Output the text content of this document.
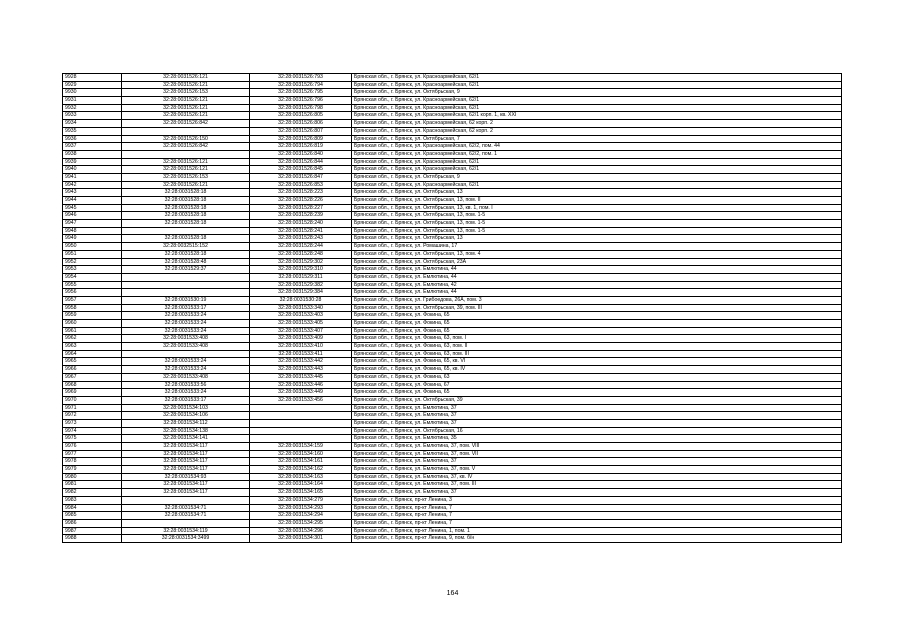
9928	32:28:0031526:121	32:28:0031526:793	Брянская обл., г. Брянск, ул. Красноармейская, 62/1
9929	32:28:0031526:121	32:28:0031526:794	Брянская обл., г. Брянск, ул. Красноармейская, 62/1
9930	32:28:0031526:153	32:28:0031526:795	Брянская обл., г. Брянск, ул. Октябрьская, 9
9931	32:28:0031526:121	32:28:0031526:796	Брянская обл., г. Брянск, ул. Красноармейская, 62/1
9932	32:28:0031526:121	32:28:0031526:798	Брянская обл., г. Брянск, ул. Красноармейская, 62/1
9933	32:28:0031526:121	32:28:0031526:805	Брянская обл., г. Брянск, ул. Красноармейская, 62/1 корп. 1, кв. XXI
9934	32:28:0031526:842	32:28:0031526:806	Брянская обл., г. Брянск, ул. Красноармейская, 62 корп. 2
9935		32:28:0031526:807	Брянская обл., г. Брянск, ул. Красноармейская, 62 корп. 2
9936	32:28:0031526:150	32:28:0031526:809	Брянская обл., г. Брянск, ул. Октябрьская, 7
9937	32:28:0031526:842	32:28:0031526:819	Брянская обл., г. Брянск, ул. Красноармейская, 62/2, пом. 44
9938		32:28:0031526:840	Брянская обл., г. Брянск, ул. Красноармейская, 62/2, пом. 1
9939	32:28:0031526:121	32:28:0031526:844	Брянская обл., г. Брянск, ул. Красноармейская, 62/1
9940	32:28:0031526:121	32:28:0031526:845	Брянская обл., г. Брянск, ул. Красноармейская, 62/1
9941	32:28:0031526:153	32:28:0031526:847	Брянская обл., г. Брянск, ул. Октябрьская, 9
9942	32:28:0031526:121	32:28:0031526:853	Брянская обл., г. Брянск, ул. Красноармейская, 62/1
9943	32:28:0031528:18	32:28:0031528:223	Брянская обл., г. Брянск, ул. Октябрьская, 13
9944	32:28:0031528:18	32:28:0031528:226	Брянская обл., г. Брянск, ул. Октябрьская, 13, пом. II
9945	32:28:0031528:18	32:28:0031528:227	Брянская обл., г. Брянск, ул. Октябрьская, 13, кв. 1, пом. I
9946	32:28:0031528:18	32:28:0031528:239	Брянская обл., г. Брянск, ул. Октябрьская, 13, пом. 1-5
9947	32:28:0031528:18	32:28:0031528:240	Брянская обл., г. Брянск, ул. Октябрьская, 13, пом. 1-5
9948		32:28:0031528:241	Брянская обл., г. Брянск, ул. Октябрьская, 13, пом. 1-5
9949	32:28:0031528:18	32:28:0031528:243	Брянская обл., г. Брянск, ул. Октябрьская, 13
9950	32:28:0032515:152	32:28:0031528:244	Брянская обл., г. Брянск, ул. Ромашина, 17
9951	32:28:0031528:18	32:28:0031528:248	Брянская обл., г. Брянск, ул. Октябрьская, 13, пом. 4
9952	32:28:0031528:48	32:28:0031529:302	Брянская обл., г. Брянск, ул. Октябрьская, 23А
9953	32:28:0031529:37	32:28:0031529:310	Брянская обл., г. Брянск, ул. Емлютина, 44
9954		32:28:0031529:311	Брянская обл., г. Брянск, ул. Емлютина, 44
9955		32:28:0031529:382	Брянская обл., г. Брянск, ул. Емлютина, 42
9956		32:28:0031529:384	Брянская обл., г. Брянск, ул. Емлютина, 44
9957	32:28:0031530:19	32:28:0031530:28	Брянская обл., г. Брянск, ул. Грибоедова, 26А, пом. 3
9958	32:28:0031533:17	32:28:0031533:340	Брянская обл., г. Брянск, ул. Октябрьская, 39, пом. III
9959	32:28:0031533:24	32:28:0031533:403	Брянская обл., г. Брянск, ул. Фокина, 65
9960	32:28:0031533:24	32:28:0031533:405	Брянская обл., г. Брянск, ул. Фокина, 65
9961	32:28:0031533:24	32:28:0031533:407	Брянская обл., г. Брянск, ул. Фокина, 65
9962	32:28:0031533:408	32:28:0031533:409	Брянская обл., г. Брянск, ул. Фокина, 63, пом. I
9963	32:28:0031533:408	32:28:0031533:410	Брянская обл., г. Брянск, ул. Фокина, 63, пом. II
9964		32:28:0031533:411	Брянская обл., г. Брянск, ул. Фокина, 63, пом. III
9965	32:28:0031533:24	32:28:0031533:442	Брянская обл., г. Брянск, ул. Фокина, 65, кв. VI
9966	32:28:0031533:24	32:28:0031533:443	Брянская обл., г. Брянск, ул. Фокина, 65, кв. IV
9967	32:28:0031533:408	32:28:0031533:445	Брянская обл., г. Брянск, ул. Фокина, 63
9968	32:28:0031533:56	32:28:0031533:446	Брянская обл., г. Брянск, ул. Фокина, 67
9969	32:28:0031533:24	32:28:0031533:449	Брянская обл., г. Брянск, ул. Фокина, 65
9970	32:28:0031533:17	32:28:0031533:456	Брянская обл., г. Брянск, ул. Октябрьская, 39
9971	32:28:0031534:103		Брянская обл., г. Брянск, ул. Емлютина, 37
9972	32:28:0031534:106		Брянская обл., г. Брянск, ул. Емлютина, 37
9973	32:28:0031534:112		Брянская обл., г. Брянск, ул. Емлютина, 37
9974	32:28:0031534:138		Брянская обл., г. Брянск, ул. Октябрьская, 16
9975	32:28:0031534:141		Брянская обл., г. Брянск, ул. Емлютина, 35
9976	32:28:0031534:117	32:28:0031534:159	Брянская обл., г. Брянск, ул. Емлютина, 37, пом. VIII
9977	32:28:0031534:117	32:28:0031534:160	Брянская обл., г. Брянск, ул. Емлютина, 37, пом. VII
9978	32:28:0031534:117	32:28:0031534:161	Брянская обл., г. Брянск, ул. Емлютина, 37
9979	32:28:0031534:117	32:28:0031534:162	Брянская обл., г. Брянск, ул. Емлютина, 37, пом. V
9980	32:28:0031534:93	32:28:0031534:163	Брянская обл., г. Брянск, ул. Емлютина, 37, кв. IV
9981	32:28:0031534:117	32:28:0031534:164	Брянская обл., г. Брянск, ул. Емлютина, 37, пом. III
9982	32:28:0031534:117	32:28:0031534:165	Брянская обл., г. Брянск, ул. Емлютина, 37
9983		32:28:0031534:279	Брянская обл., г. Брянск, пр-кт Ленина, 3
9984	32:28:0031534:71	32:28:0031534:293	Брянская обл., г. Брянск, пр-кт Ленина, 7
9985	32:28:0031534:71	32:28:0031534:294	Брянская обл., г. Брянск, пр-кт Ленина, 7
9986		32:28:0031534:295	Брянская обл., г. Брянск, пр-кт Ленина, 7
9987	32:28:0031534:119	32:28:0031534:296	Брянская обл., г. Брянск, пр-кт Ленина, 1, пом. 1
9988	32:28:0031534:3499	32:28:0031534:301	Брянская обл., г. Брянск, пр-кт Ленина, 9, пом. б/н
164
